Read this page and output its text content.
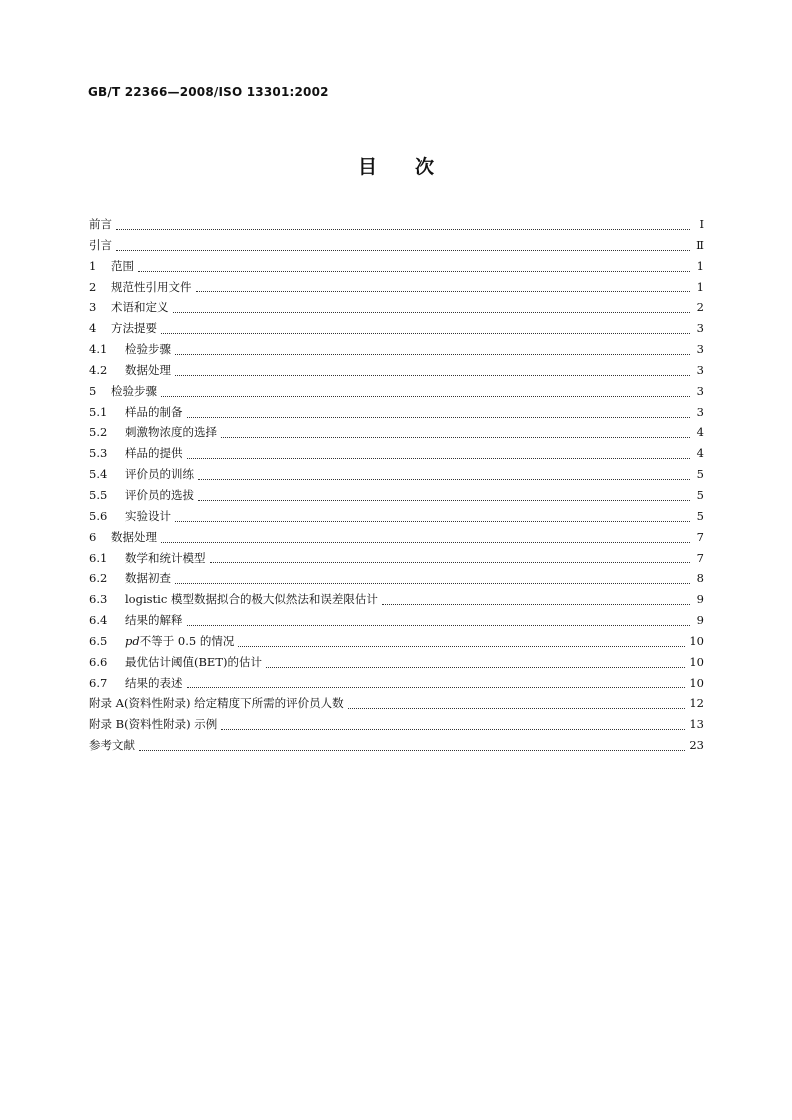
GB/T 22366—2008/ISO 13301:2002
目次
前言	Ⅰ
引言	Ⅱ
1	范围	1
2	规范性引用文件	1
3	术语和定义	2
4	方法提要	3
4.1	检验步骤	3
4.2	数据处理	3
5	检验步骤	3
5.1	样品的制备	3
5.2	刺激物浓度的选择	4
5.3	样品的提供	4
5.4	评价员的训练	5
5.5	评价员的选拔	5
5.6	实验设计	5
6	数据处理	7
6.1	数学和统计模型	7
6.2	数据初查	8
6.3	logistic 模型数据拟合的极大似然法和误差限估计	9
6.4	结果的解释	9
6.5	pd不等于 0.5 的情况	10
6.6	最优估计阈值(BET)的估计	10
6.7	结果的表述	10
附录 A(资料性附录) 给定精度下所需的评价员人数	12
附录 B(资料性附录) 示例	13
参考文献	23
